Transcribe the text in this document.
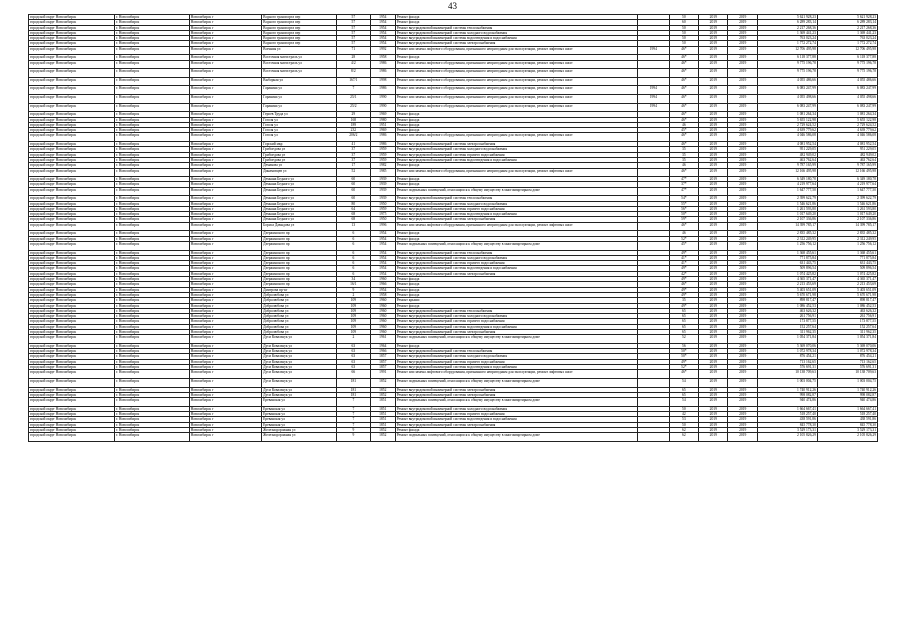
43
городской округ Новосибирск	г. Новосибирск	Новосибирск г	Водного транспорта пер	57	1954	Ремонт фасада		50	2019	2019	5 621 928,23	5 621 928,23
городской округ Новосибирск	г. Новосибирск	Новосибирск г	Водного транспорта пер	57	1954	Ремонт фасада		60	2019	2019	6 289 283,14	6 289 283,14
городской округ Новосибирск	г. Новосибирск	Новосибирск г	Водного транспорта пер	57	1954	Ремонт внутридомовой инженерной системы теплоснабжения		50	2019	2019	2 217 268,36	2 217 268,36
городской округ Новосибирск	г. Новосибирск	Новосибирск г	Водного транспорта пер	57	1954	Ремонт внутридомовой инженерной системы холодного водоснабжения		50	2019	2019	1 369 441,23	1 369 441,23
городской округ Новосибирск	г. Новосибирск	Новосибирск г	Водного транспорта пер	57	1954	Ремонт внутридомовой инженерной системы водоотведения и водоснабжения		50	2019	2019	763 023,24	763 023,24
городской округ Новосибирск	г. Новосибирск	Новосибирск г	Водного транспорта пер	57	1954	Ремонт внутридомовой инженерной системы электроснабжения		50	2019	2019	1 772 272,74	1 772 272,74
городской округ Новосибирск	г. Новосибирск	Новосибирск г	Военная ул	71	1992	Ремонт или замена лифтового оборудования, признанного непригодным для эксплуатации, ремонт лифтовых шахт	1994	46*	2019	2019	12 706 495,98	12 706 495,98
городской округ Новосибирск	г. Новосибирск	Новосибирск г	Восточная магистраль ул	28	1958	Ремонт фасада		46*	2019	2019	6 118 377,88	6 118 377,88
городской округ Новосибирск	г. Новосибирск	Новосибирск г	Восточная магистраль ул	4/2	1986	Ремонт или замена лифтового оборудования, признанного непригодным для эксплуатации, ремонт лифтовых шахт		46*	2019	2019	9 775 196,78	9 775 196,78
городской округ Новосибирск	г. Новосибирск	Новосибирск г	Восточная магистраль ул	8/2	1986	Ремонт или замена лифтового оборудования, признанного непригодным для эксплуатации, ремонт лифтовых шахт		46*	2019	2019	9 775 196,78	9 775 196,78
городской округ Новосибирск	г. Новосибирск	Новосибирск г	Выборная ул	167/1	1998	Ремонт или замена лифтового оборудования, признанного непригодным для эксплуатации, ремонт лифтовых шахт		46*	2019	2019	4 055 486,66	4 055 486,66
городской округ Новосибирск	г. Новосибирск	Новосибирск г	Гаранина ул	7	1986	Ремонт или замена лифтового оборудования, признанного непригодным для эксплуатации, ремонт лифтовых шахт	1994	46*	2019	2019	6 083 247,99	6 083 247,99
городской округ Новосибирск	г. Новосибирск	Новосибирск г	Гаранина ул	25/1	1990	Ремонт или замена лифтового оборудования, признанного непригодным для эксплуатации, ремонт лифтовых шахт	1994	46*	2019	2019	4 055 498,66	4 055 498,66
городской округ Новосибирск	г. Новосибирск	Новосибирск г	Гаранина ул	25/2	1990	Ремонт или замена лифтового оборудования, признанного непригодным для эксплуатации, ремонт лифтовых шахт	1994	46*	2019	2019	6 083 247,99	6 083 247,99
городской округ Новосибирск	г. Новосибирск	Новосибирск г	Героев Труда ул	29	1969	Ремонт фасада		46*	2019	2019	1 081 264,34	1 081 264,34
городской округ Новосибирск	г. Новосибирск	Новосибирск г	Гоголя ул	168	1980	Ремонт фасада		46*	2019	2019	5 655 122,98	5 655 122,98
городской округ Новосибирск	г. Новосибирск	Новосибирск г	Гоголя ул	189	1951	Ремонт фасада		46	2019	2019	2 729 624,52	2 729 624,52
городской округ Новосибирск	г. Новосибирск	Новосибирск г	Гоголя ул	232	1969	Ремонт фасада		45*	2019	2019	4 639 779,62	4 639 779,62
городской округ Новосибирск	г. Новосибирск	Новосибирск г	Гоголя ул	206/2	1986	Ремонт или замена лифтового оборудования, признанного непригодным для эксплуатации, ремонт лифтовых шахт		46*	2019	2019	4 046 586,08	4 046 586,08
городской округ Новосибирск	г. Новосибирск	Новосибирск г	Горский мкр	41	1986	Ремонт внутридомовой инженерной системы электроснабжения		46*	2019	2019	4 081 952,54	4 081 952,54
городской округ Новосибирск	г. Новосибирск	Новосибирск г	Грибоедова ул	37	1959	Ремонт внутридомовой инженерной системы холодного водоснабжения		35	2019	2019	951 229,05	951 229,05
городской округ Новосибирск	г. Новосибирск	Новосибирск г	Грибоедова ул	37	1959	Ремонт внутридомовой инженерной системы горячего водоснабжения		35	2019	2019	482 949,02	482 949,02
городской округ Новосибирск	г. Новосибирск	Новосибирск г	Грибоедова ул	37	1959	Ремонт внутридомовой инженерной системы водоотведения и водоснабжения		35	2019	2019	463 762,64	463 762,64
городской округ Новосибирск	г. Новосибирск	Новосибирск г	Демакова ул	17	1982	Ремонт фасада		46	2019	2019	9 787 165,99	9 787 165,99
городской округ Новосибирск	г. Новосибирск	Новосибирск г	Динамовцев ул	52	1985	Ремонт или замена лифтового оборудования, признанного непригодным для эксплуатации, ремонт лифтовых шахт		46*	2019	2019	12 166 495,98	12 166 495,98
городской округ Новосибирск	г. Новосибирск	Новосибирск г	Демьяна Бедного ул	60	1939	Ремонт фасада		47*	2019	2019	6 349 180,78	6 349 180,78
городской округ Новосибирск	г. Новосибирск	Новосибирск г	Демьяна Бедного ул	60	1939	Ремонт фасада		37*	2019	2019	4 219 977,64	4 219 977,64
городской округ Новосибирск	г. Новосибирск	Новосибирск г	Демьяна Бедного ул	60	1939	Ремонт подвальных помещений, относящихся к общему имуществу в многоквартирном доме		47*	2019	2019	1 647 777,50	1 647 777,50
городской округ Новосибирск	г. Новосибирск	Новосибирск г	Демьяна Бедного ул	60	1939	Ремонт внутридомовой инженерной системы теплоснабжения		54*	2019	2019	2 399 622,79	2 399 622,79
городской округ Новосибирск	г. Новосибирск	Новосибирск г	Демьяна Бедного ул	80	1950	Ремонт внутридомовой инженерной системы холодного водоснабжения		55*	2019	2019	1 546 621,86	1 546 621,86
городской округ Новосибирск	г. Новосибирск	Новосибирск г	Демьяна Бедного ул	64	1959	Ремонт внутридомовой инженерной системы горячего водоснабжения		56*	2019	2019	1 261 593,80	1 261 593,80
городской округ Новосибирск	г. Новосибирск	Новосибирск г	Демьяна Бедного ул	68	1975	Ремонт внутридомовой инженерной системы водоотведения и водоснабжения		50*	2019	2019	1 017 649,20	1 017 649,20
городской округ Новосибирск	г. Новосибирск	Новосибирск г	Демьяна Бедного ул	68	1950	Ремонт внутридомовой инженерной системы электроснабжения		59*	2019	2019	2 107 336,86	2 107 336,86
городской округ Новосибирск	г. Новосибирск	Новосибирск г	Бориса Давыдова ул	13	1996	Ремонт или замена лифтового оборудования, признанного непригодным для эксплуатации, ремонт лифтовых шахт		46*	2019	2019	14 399 785,17	14 399 785,17
городской округ Новосибирск	г. Новосибирск	Новосибирск г	Дзержинского пр	6	1954	Ремонт фасада		46	2019	2019	2 835 485,32	2 835 485,32
городской округ Новосибирск	г. Новосибирск	Новосибирск г	Дзержинского пр	6	1954	Ремонт фасада		52*	2019	2019	2 312 249,95	2 312 249,95
городской округ Новосибирск	г. Новосибирск	Новосибирск г	Дзержинского пр	6	1954	Ремонт подвальных помещений, относящихся к общему имуществу в многоквартирном доме		45*	2019	2019	1 256 756,12	1 256 756,12
городской округ Новосибирск	г. Новосибирск	Новосибирск г	Дзержинского пр	6	1954	Ремонт внутридомовой инженерной системы теплоснабжения		49*	2019	2019	1 368 455,61	1 368 455,61
городской округ Новосибирск	г. Новосибирск	Новосибирск г	Дзержинского пр	6	1954	Ремонт внутридомовой инженерной системы холодного водоснабжения		41*	2019	2019	771 875,84	771 875,84
городской округ Новосибирск	г. Новосибирск	Новосибирск г	Дзержинского пр	6	1954	Ремонт внутридомовой инженерной системы горячего водоснабжения		41*	2019	2019	631 443,75	631 443,75
городской округ Новосибирск	г. Новосибирск	Новосибирск г	Дзержинского пр	6	1954	Ремонт внутридомовой инженерной системы водоотведения и водоснабжения		49*	2019	2019	509 896,54	509 896,54
городской округ Новосибирск	г. Новосибирск	Новосибирск г	Дзержинского пр	6	1954	Ремонт внутридомовой инженерной системы электроснабжения		42*	2019	2019	1 074 425,82	1 074 425,82
городской округ Новосибирск	г. Новосибирск	Новосибирск г	Дзержинского пр	34	1960	Ремонт фасада		49*	2019	2019	4 365 371,47	4 365 371,47
городской округ Новосибирск	г. Новосибирск	Новосибирск г	Дзержинского пр	16/1	1966	Ремонт фасада		46*	2019	2019	2 213 453,69	2 213 453,69
городской округ Новосибирск	г. Новосибирск	Новосибирск г	Дмитрова пр-кт	9	1954	Ремонт фасада		49*	2019	2019	5 403 651,09	5 403 651,09
городской округ Новосибирск	г. Новосибирск	Новосибирск г	Добролюбова ул	2	1958	Ремонт фасада		49*	2019	2019	5 670 671,98	5 670 671,98
городской округ Новосибирск	г. Новосибирск	Новосибирск г	Добролюбова ул	109	1960	Ремонт крыши		35	2019	2019	898 817,47	898 817,47
городской округ Новосибирск	г. Новосибирск	Новосибирск г	Добролюбова ул	109	1960	Ремонт фасада		49*	2019	2019	1 086 452,53	1 086 452,53
городской округ Новосибирск	г. Новосибирск	Новосибирск г	Добролюбова ул	109	1960	Ремонт внутридомовой инженерной системы теплоснабжения		65	2019	2019	463 626,32	463 626,32
городской округ Новосибирск	г. Новосибирск	Новосибирск г	Добролюбова ул	109	1960	Ремонт внутридомовой инженерной системы холодного водоснабжения		65	2019	2019	261 756,91	261 756,91
городской округ Новосибирск	г. Новосибирск	Новосибирск г	Добролюбова ул	109	1960	Ремонт внутридомовой инженерной системы горячего водоснабжения		65	2019	2019	173 877,55	173 877,55
городской округ Новосибирск	г. Новосибирск	Новосибирск г	Добролюбова ул	109	1960	Ремонт внутридомовой инженерной системы водоотведения и водоснабжения		65	2019	2019	152 257,64	152 257,64
городской округ Новосибирск	г. Новосибирск	Новосибирск г	Добролюбова ул	109	1960	Ремонт внутридомовой инженерной системы электроснабжения		65	2019	2019	311 962,35	311 962,35
городской округ Новосибирск	г. Новосибирск	Новосибирск г	Дуси Ковальчук ул	2	1961	Ремонт подвальных помещений, относящихся к общему имуществу в многоквартирном доме		52	2019	2019	1 054 371,84	1 054 371,84
городской округ Новосибирск	г. Новосибирск	Новосибирск г	Дуси Ковальчук ул	63	1964	Ремонт фасада		56	2019	2019	5 369 070,06	5 369 070,06
городской округ Новосибирск	г. Новосибирск	Новосибирск г	Дуси Ковальчук ул	63	1966	Ремонт внутридомовой инженерной системы теплоснабжения		50*	2019	2019	1 072 978,34	1 072 978,34
городской округ Новосибирск	г. Новосибирск	Новосибирск г	Дуси Ковальчук ул	63	1857	Ремонт внутридомовой инженерной системы холодного водоснабжения		50*	2019	2019	876 454,21	876 454,21
городской округ Новосибирск	г. Новосибирск	Новосибирск г	Дуси Ковальчук ул	63	1857	Ремонт внутридомовой инженерной системы горячего водоснабжения		49*	2019	2019	713 162,65	713 162,65
городской округ Новосибирск	г. Новосибирск	Новосибирск г	Дуси Ковальчук ул	63	1857	Ремонт внутридомовой инженерной системы водоотведения и водоснабжения		52*	2019	2019	576 691,31	576 691,31
городской округ Новосибирск	г. Новосибирск	Новосибирск г	Дуси Ковальчук ул	66	1991	Ремонт или замена лифтового оборудования, признанного непригодным для эксплуатации, ремонт лифтовых шахт		46*	2019	2019	10 138 709,63	10 138 709,63
городской округ Новосибирск	г. Новосибирск	Новосибирск г	Дуси Ковальчук ул	181	1852	Ремонт подвальных помещений, относящихся к общему имуществу в многоквартирном доме		54	2019	2019	1 003 004,75	1 003 004,75
городской округ Новосибирск	г. Новосибирск	Новосибирск г	Дуси Ковальчук ул	181	1852	Ремонт внутридомовой инженерной системы электроснабжения		65	2019	2019	1 740 912,26	1 740 912,26
городской округ Новосибирск	г. Новосибирск	Новосибирск г	Дуси Ковальчук ул	181	1852	Ремонт внутридомовой инженерной системы электроснабжения		65	2019	2019	998 082,87	998 082,87
городской округ Новосибирск	г. Новосибирск	Новосибирск г	Ереванская ул	7	1851	Ремонт подвальных помещений, относящихся к общему имуществу в многоквартирном доме		54	2019	2019	940 474,86	940 474,86
городской округ Новосибирск	г. Новосибирск	Новосибирск г	Ереванская ул	7	1851	Ремонт внутридомовой инженерной системы холодного водоснабжения		50	2019	2019	1 664 667,41	1 664 667,41
городской округ Новосибирск	г. Новосибирск	Новосибирск г	Ереванская ул	7	1851	Ремонт внутридомовой инженерной системы горячего водоснабжения		42	2019	2019	518 257,40	518 257,40
городской округ Новосибирск	г. Новосибирск	Новосибирск г	Ереванская ул	7	1851	Ремонт внутридомовой инженерной системы водоотведения и водоснабжения		53	2019	2019	438 591,86	438 591,86
городской округ Новосибирск	г. Новосибирск	Новосибирск г	Ереванская ул	7	1851	Ремонт внутридомовой инженерной системы электроснабжения		50	2019	2019	845 778,30	845 778,30
городской округ Новосибирск	г. Новосибирск	Новосибирск г	Железнодорожная ул	9	1852	Ремонт фасада		62	2019	2019	3 529 173,31	3 529 173,31
городской округ Новосибирск	г. Новосибирск	Новосибирск г	Железнодорожная ул	9	1852	Ремонт подвальных помещений, относящихся к общему имуществу в многоквартирном доме		62	2019	2019	2 105 826,29	2 105 826,29
